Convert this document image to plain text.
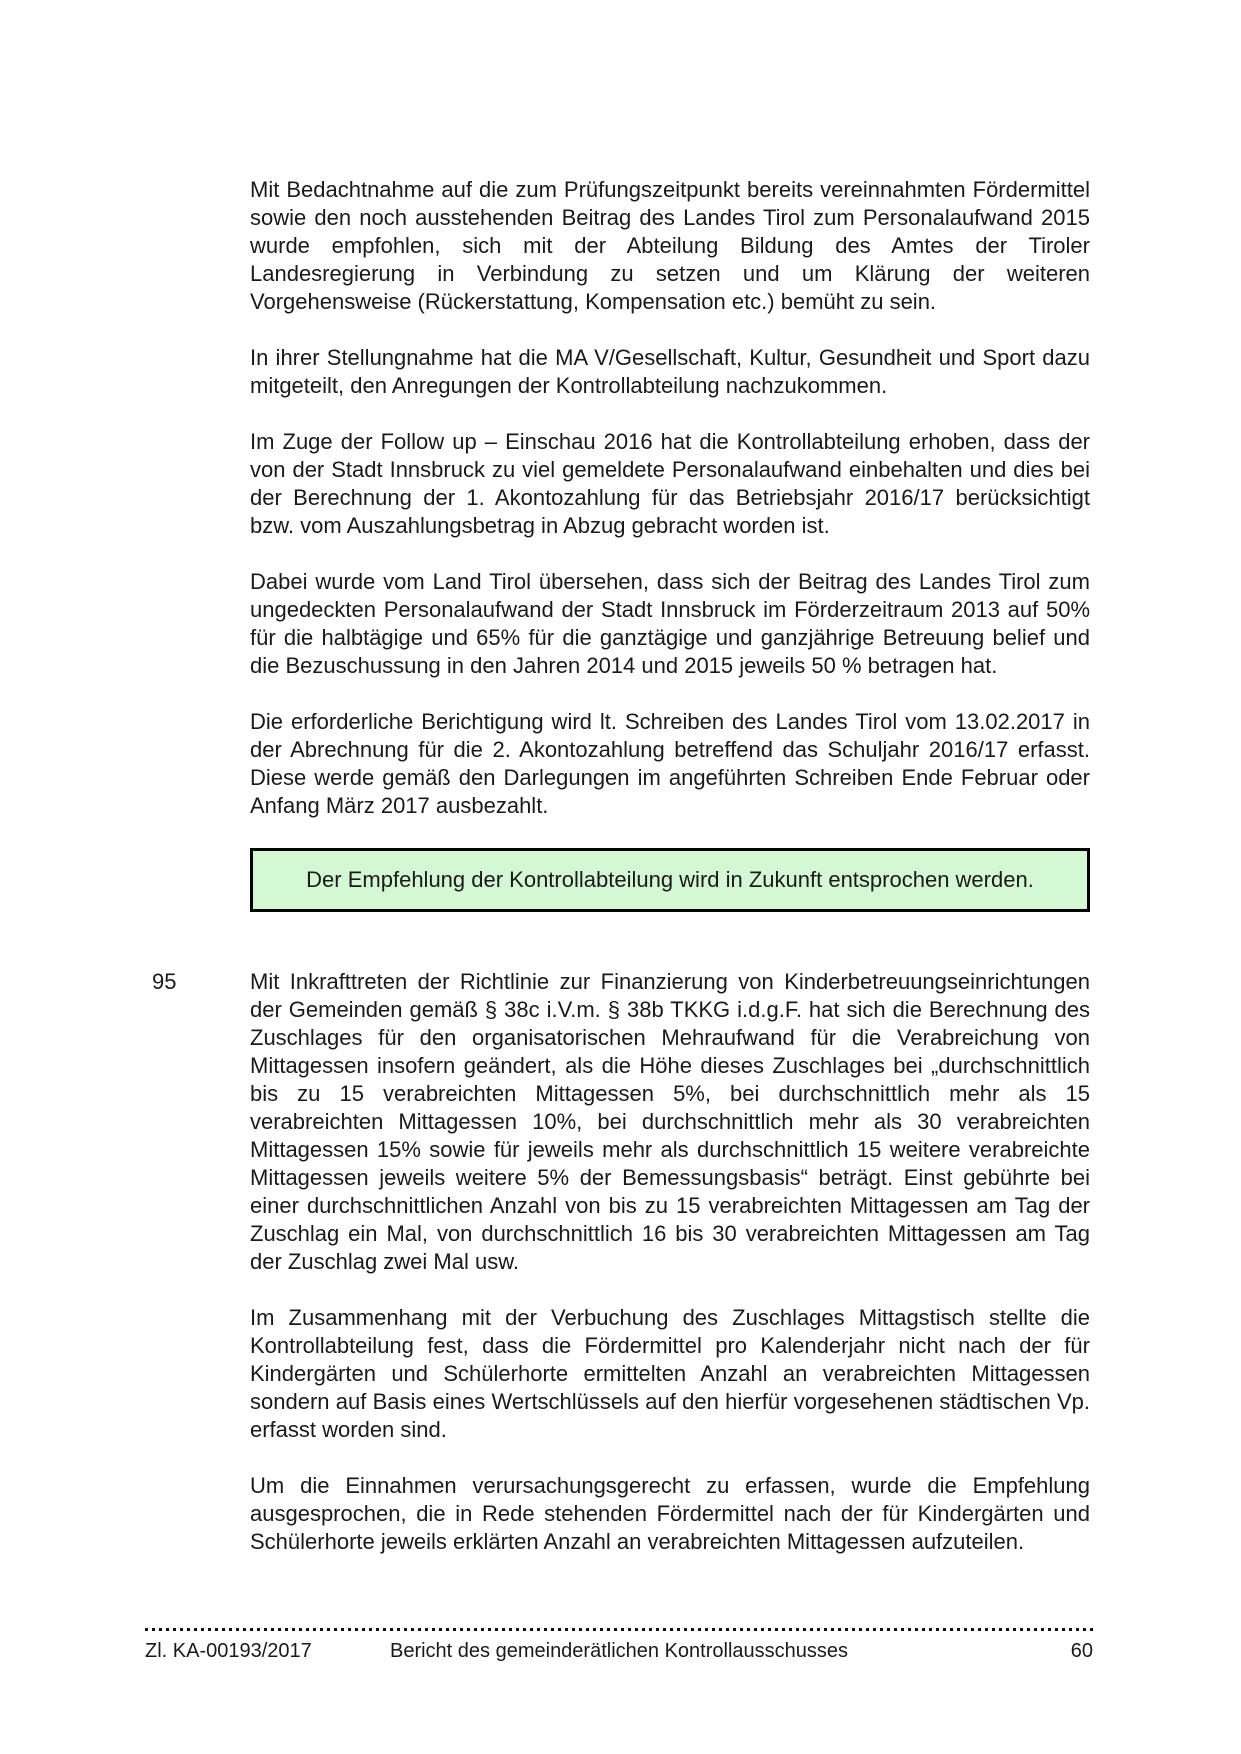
Mit Bedachtnahme auf die zum Prüfungszeitpunkt bereits vereinnahmten Fördermittel sowie den noch ausstehenden Beitrag des Landes Tirol zum Personalaufwand 2015 wurde empfohlen, sich mit der Abteilung Bildung des Amtes der Tiroler Landesregierung in Verbindung zu setzen und um Klärung der weiteren Vorgehensweise (Rückerstattung, Kompensation etc.) bemüht zu sein.

In ihrer Stellungnahme hat die MA V/Gesellschaft, Kultur, Gesundheit und Sport dazu mitgeteilt, den Anregungen der Kontrollabteilung nachzukommen.

Im Zuge der Follow up – Einschau 2016 hat die Kontrollabteilung erhoben, dass der von der Stadt Innsbruck zu viel gemeldete Personalaufwand einbehalten und dies bei der Berechnung der 1. Akontozahlung für das Betriebsjahr 2016/17 berücksichtigt bzw. vom Auszahlungsbetrag in Abzug gebracht worden ist.

Dabei wurde vom Land Tirol übersehen, dass sich der Beitrag des Landes Tirol zum ungedeckten Personalaufwand der Stadt Innsbruck im Förderzeitraum 2013 auf 50% für die halbtägige und 65% für die ganztägige und ganzjährige Betreuung belief und die Bezuschussung in den Jahren 2014 und 2015 jeweils 50 % betragen hat.

Die erforderliche Berichtigung wird lt. Schreiben des Landes Tirol vom 13.02.2017 in der Abrechnung für die 2. Akontozahlung betreffend das Schuljahr 2016/17 erfasst. Diese werde gemäß den Darlegungen im angeführten Schreiben Ende Februar oder Anfang März 2017 ausbezahlt.

Der Empfehlung der Kontrollabteilung wird in Zukunft entsprochen werden.
95	Mit Inkrafttreten der Richtlinie zur Finanzierung von Kinderbetreuungseinrichtungen der Gemeinden gemäß § 38c i.V.m. § 38b TKKG i.d.g.F. hat sich die Berechnung des Zuschlages für den organisatorischen Mehraufwand für die Verabreichung von Mittagessen insofern geändert, als die Höhe dieses Zuschlages bei „durchschnittlich bis zu 15 verabreichten Mittagessen 5%, bei durchschnittlich mehr als 15 verabreichten Mittagessen 10%, bei durchschnittlich mehr als 30 verabreichten Mittagessen 15% sowie für jeweils mehr als durchschnittlich 15 weitere verabreichte Mittagessen jeweils weitere 5% der Bemessungsbasis“ beträgt. Einst gebührte bei einer durchschnittlichen Anzahl von bis zu 15 verabreichten Mittagessen am Tag der Zuschlag ein Mal, von durchschnittlich 16 bis 30 verabreichten Mittagessen am Tag der Zuschlag zwei Mal usw.

Im Zusammenhang mit der Verbuchung des Zuschlages Mittagstisch stellte die Kontrollabteilung fest, dass die Fördermittel pro Kalenderjahr nicht nach der für Kindergärten und Schülerhorte ermittelten Anzahl an verabreichten Mittagessen sondern auf Basis eines Wertschlüssels auf den hierfür vorgesehenen städtischen Vp. erfasst worden sind.

Um die Einnahmen verursachungsgerecht zu erfassen, wurde die Empfehlung ausgesprochen, die in Rede stehenden Fördermittel nach der für Kindergärten und Schülerhorte jeweils erklärten Anzahl an verabreichten Mittagessen aufzuteilen.

Zl. KA-00193/2017	Bericht des gemeinderätlichen Kontrollausschusses	60
